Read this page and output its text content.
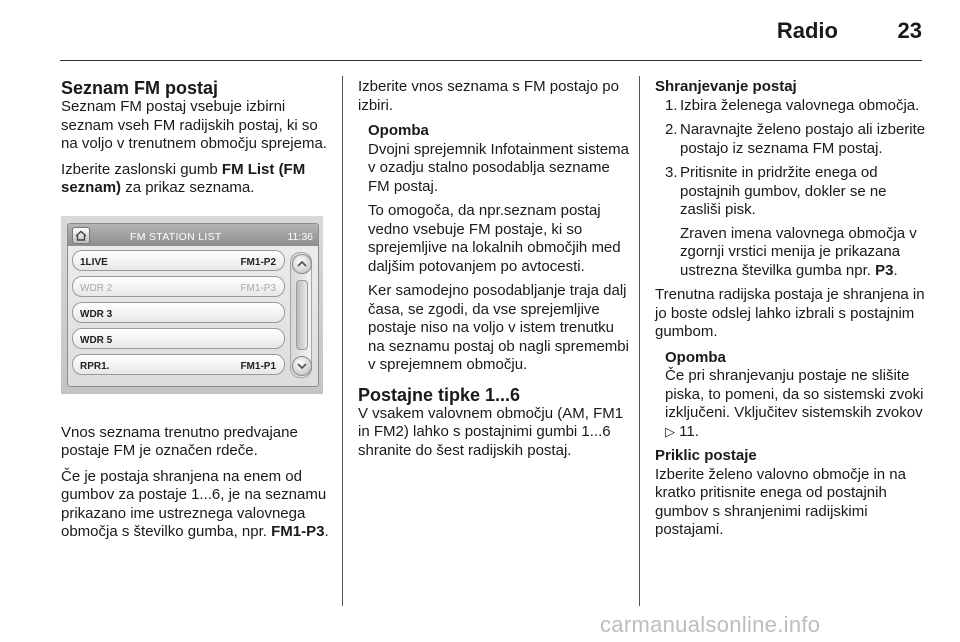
Radio	23
Seznam FM postaj

Seznam FM postaj vsebuje izbirni seznam vseh FM radijskih postaj, ki so na voljo v trenutnem območju sprejema.

Izberite zaslonski gumb FM List (FM seznam) za prikaz seznama.

FM STATION LIST	11:36
1LIVE	FM1-P2
WDR 2	FM1-P3
WDR 3
WDR 5
RPR1.	FM1-P1

Vnos seznama trenutno predvajane postaje FM je označen rdeče.

Če je postaja shranjena na enem od gumbov za postaje 1...6, je na seznamu prikazano ime ustreznega valovnega območja s številko gumba, npr. FM1-P3.

Izberite vnos seznama s FM postajo po izbiri.

Opomba

Dvojni sprejemnik Infotainment sistema v ozadju stalno posodablja sezname FM postaj.

To omogoča, da npr.seznam postaj vedno vsebuje FM postaje, ki so sprejemljive na lokalnih območjih med daljšim potovanjem po avtocesti.

Ker samodejno posodabljanje traja dalj časa, se zgodi, da vse sprejemljive postaje niso na voljo v istem trenutku na seznamu postaj ob nagli spremembi v sprejemnem območju.

Postajne tipke 1...6

V vsakem valovnem območju (AM, FM1 in FM2) lahko s postajnimi gumbi 1...6 shranite do šest radijskih postaj.

Shranjevanje postaj
1. Izbira želenega valovnega območja.
2. Naravnajte želeno postajo ali izberite postajo iz seznama FM postaj.
3. Pritisnite in pridržite enega od postajnih gumbov, dokler se ne zasliši pisk.

Zraven imena valovnega območja v zgornji vrstici menija je prikazana ustrezna številka gumba npr. P3.

Trenutna radijska postaja je shranjena in jo boste odslej lahko izbrali s postajnim gumbom.

Opomba

Če pri shranjevanju postaje ne slišite piska, to pomeni, da so sistemski zvoki izključeni. Vključitev sistemskih zvokov ▷ 11.

Priklic postaje

Izberite želeno valovno območje in na kratko pritisnite enega od postajnih gumbov s shranjenimi radijskimi postajami.

carmanualsonline.info
